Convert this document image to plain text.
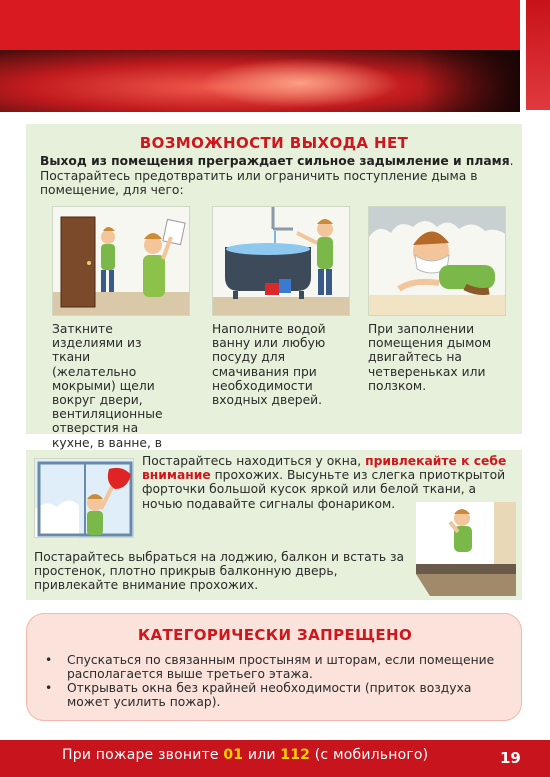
ВОЗМОЖНОСТИ ВЫХОДА НЕТ
Выход из помещения преграждает сильное задымление и пламя. Постарайтесь предотвратить или ограничить поступление дыма в помещение, для чего:
Заткните изделиями из ткани (желательно мокрыми) щели вокруг двери, вентиляционные отверстия на кухне, в ванне, в
Наполните водой ванну или любую посуду для смачивания при необходимости входных дверей.
При заполнении помещения дымом двигайтесь на четвереньках или ползком.
Постарайтесь находиться у окна, привлекайте к себе внимание прохожих. Высуньте из слегка приоткрытой форточки большой кусок яркой или белой ткани, а ночью подавайте сигналы фонариком.
Постарайтесь выбраться на лоджию, балкон и встать за простенок, плотно прикрыв балконную дверь, привлекайте внимание прохожих.
КАТЕГОРИЧЕСКИ ЗАПРЕЩЕНО
• Спускаться по связанным простыням и шторам, если помещение располагается выше третьего этажа.
• Открывать окна без крайней необходимости (приток воздуха может усилить пожар).
При пожаре звоните 01 или 112 (с мобильного)	19
